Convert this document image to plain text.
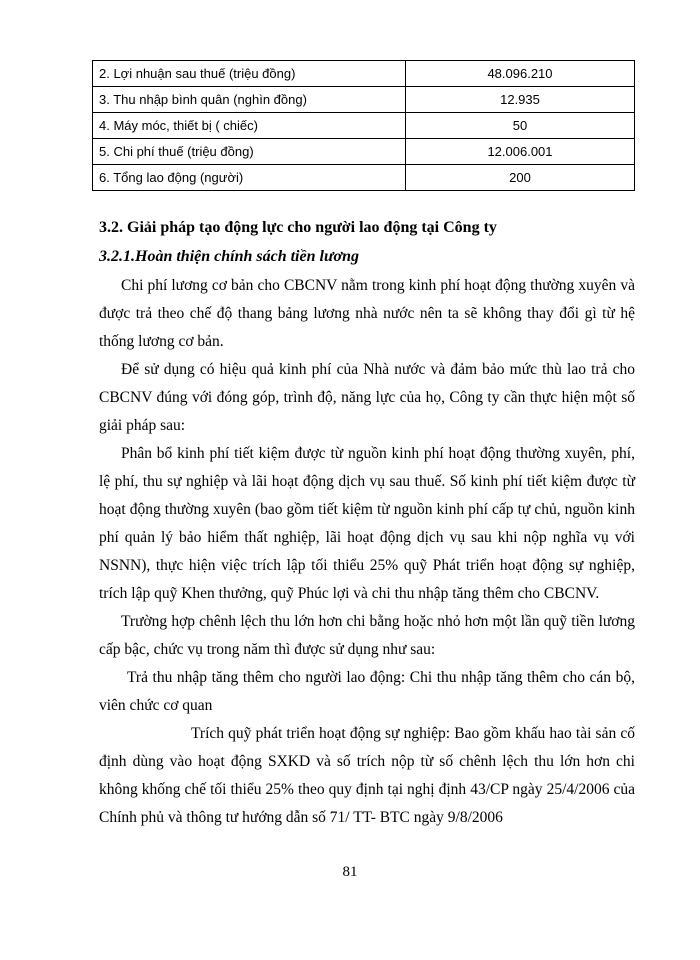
2. Lợi nhuận sau thuế (triệu đồng)	48.096.210
3. Thu nhập bình quân (nghìn đồng)	12.935
4. Máy móc, thiết bị ( chiếc)	50
5. Chi phí thuế (triệu đồng)	12.006.001
6. Tổng lao động (người)	200
3.2. Giải pháp tạo động lực cho người lao động tại Công ty
3.2.1.Hoàn thiện chính sách tiền lương

Chi phí lương cơ bản cho CBCNV nằm trong kinh phí hoạt động thường xuyên và được trả theo chế độ thang bảng lương nhà nước nên ta sẽ không thay đổi gì từ hệ thống lương cơ bản.

Để sử dụng có hiệu quả kinh phí của Nhà nước và đảm bảo mức thù lao trả cho CBCNV đúng với đóng góp, trình độ, năng lực của họ, Công ty cần thực hiện một số giải pháp sau:

Phân bổ kinh phí tiết kiệm được từ nguồn kinh phí hoạt động thường xuyên, phí, lệ phí, thu sự nghiệp và lãi hoạt động dịch vụ sau thuế. Số kinh phí tiết kiệm được từ hoạt động thường xuyên (bao gồm tiết kiệm từ nguồn kinh phí cấp tự chủ, nguồn kinh phí quản lý bảo hiểm thất nghiệp, lãi hoạt động dịch vụ sau khi nộp nghĩa vụ với NSNN), thực hiện việc trích lập tối thiểu 25% quỹ Phát triển hoạt động sự nghiệp, trích lập quỹ Khen thưởng, quỹ Phúc lợi và chi thu nhập tăng thêm cho CBCNV.

Trường hợp chênh lệch thu lớn hơn chi bằng hoặc nhỏ hơn một lần quỹ tiền lương cấp bậc, chức vụ trong năm thì được sử dụng như sau:

Trả thu nhập tăng thêm cho người lao động: Chi thu nhập tăng thêm cho cán bộ, viên chức cơ quan

Trích quỹ phát triển hoạt động sự nghiệp: Bao gồm khấu hao tài sản cố định dùng vào hoạt động SXKD và số trích nộp từ số chênh lệch thu lớn hơn chi không khống chế tối thiểu 25% theo quy định tại nghị định 43/CP ngày 25/4/2006 của Chính phủ và thông tư hướng dẫn số 71/ TT- BTC ngày 9/8/2006

81
